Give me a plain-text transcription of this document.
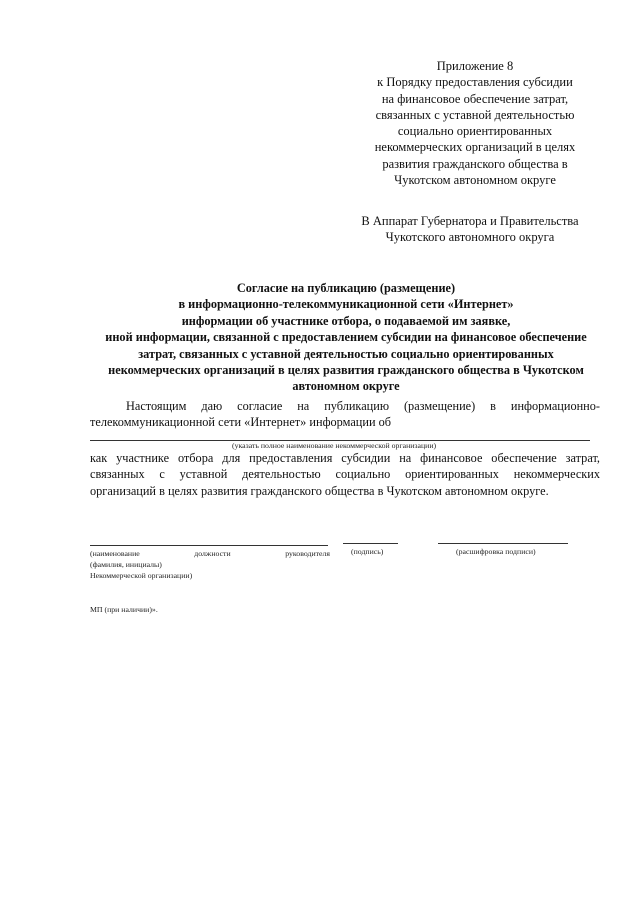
Приложение 8
к Порядку предоставления субсидии
на финансовое обеспечение затрат,
связанных с уставной деятельностью
социально ориентированных
некоммерческих организаций в целях
развития гражданского общества в
Чукотском автономном округе
В Аппарат Губернатора и Правительства
Чукотского автономного округа
Согласие на публикацию (размещение)
в информационно-телекоммуникационной сети «Интернет»
информации об участнике отбора, о подаваемой им заявке,
иной информации, связанной с предоставлением субсидии на финансовое обеспечение
затрат, связанных с уставной деятельностью социально ориентированных
некоммерческих организаций в целях развития гражданского общества в Чукотском
автономном округе
Настоящим даю согласие на публикацию (размещение) в информационно-
телекоммуникационной сети «Интернет» информации об
(указать полное наименование некоммерческой организации)
как участнике отбора для предоставления субсидии на финансовое обеспечение затрат,
связанных с уставной деятельностью социально ориентированных некоммерческих
организаций в целях развития гражданского общества в Чукотском автономном округе.
(наименование	должности	руководителя
(фамилия, инициалы)
Некоммерческой организации)
(подпись)	(расшифровка подписи)
МП (при наличии)».
